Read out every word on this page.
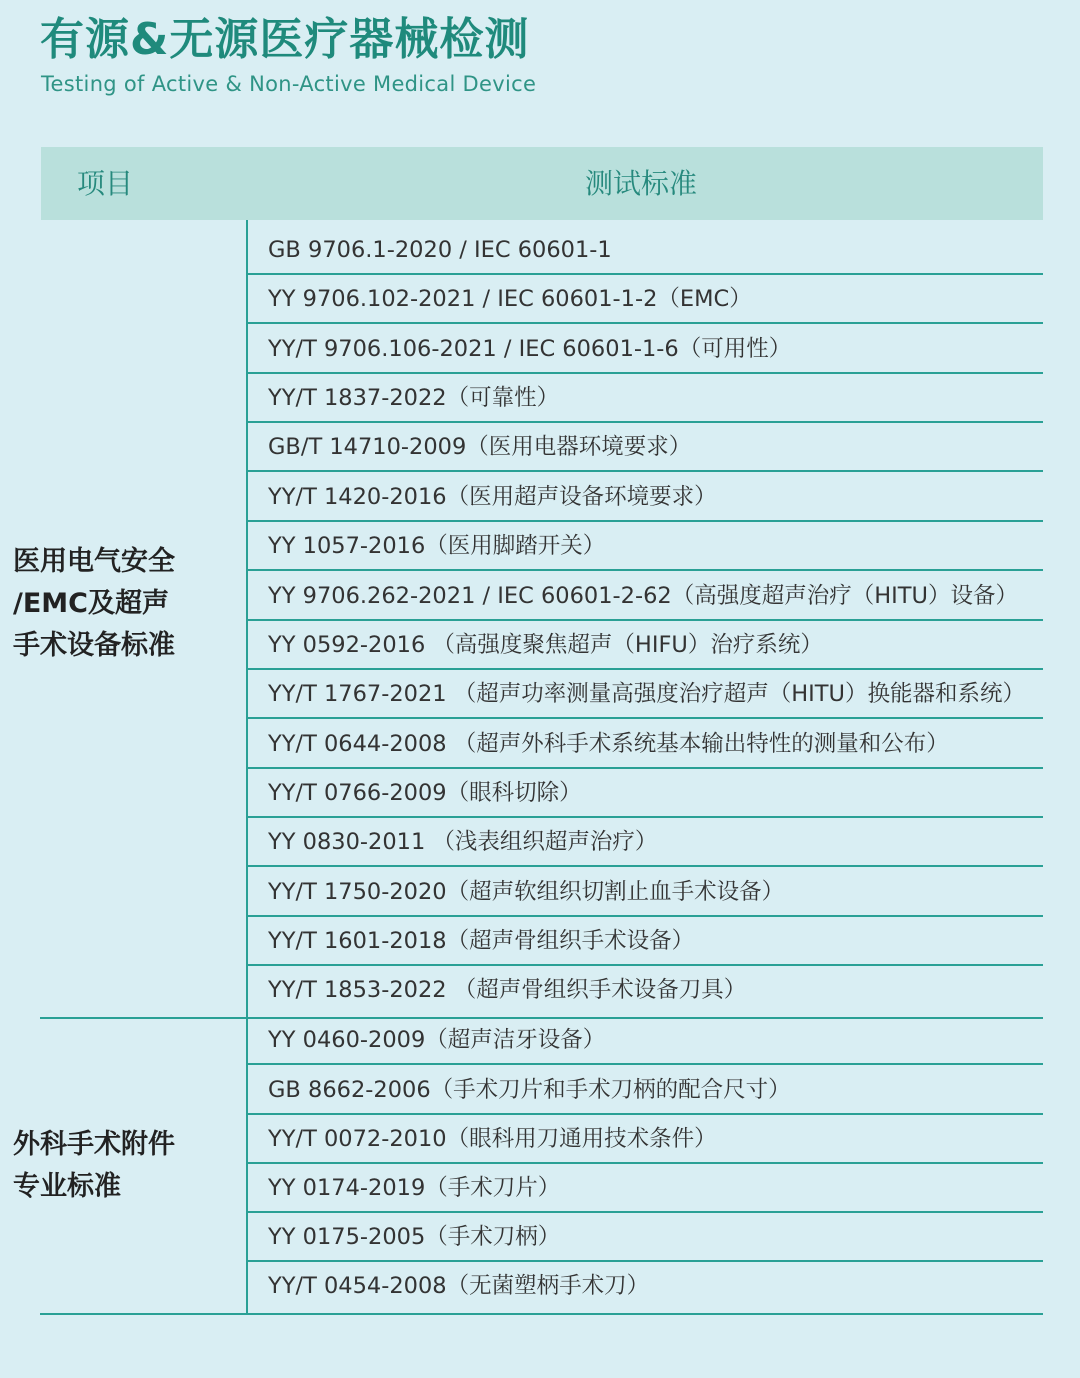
有源&无源医疗器械检测
Testing of Active & Non-Active Medical Device
项目	测试标准
医用电气安全
/EMC及超声
手术设备标准
GB 9706.1-2020 / IEC 60601-1
YY 9706.102-2021 / IEC 60601-1-2（EMC）
YY/T 9706.106-2021 / IEC 60601-1-6（可用性）
YY/T 1837-2022（可靠性）
GB/T 14710-2009（医用电器环境要求）
YY/T 1420-2016（医用超声设备环境要求）
YY 1057-2016（医用脚踏开关）
YY 9706.262-2021 / IEC 60601-2-62（高强度超声治疗（HITU）设备）
YY 0592-2016 （高强度聚焦超声（HIFU）治疗系统）
YY/T 1767-2021 （超声功率测量高强度治疗超声（HITU）换能器和系统）
YY/T 0644-2008 （超声外科手术系统基本输出特性的测量和公布）
YY/T 0766-2009（眼科切除）
YY 0830-2011 （浅表组织超声治疗）
YY/T 1750-2020（超声软组织切割止血手术设备）
YY/T 1601-2018（超声骨组织手术设备）
YY/T 1853-2022 （超声骨组织手术设备刀具）
外科手术附件
专业标准
YY 0460-2009（超声洁牙设备）
GB 8662-2006（手术刀片和手术刀柄的配合尺寸）
YY/T 0072-2010（眼科用刀通用技术条件）
YY 0174-2019（手术刀片）
YY 0175-2005（手术刀柄）
YY/T 0454-2008（无菌塑柄手术刀）
